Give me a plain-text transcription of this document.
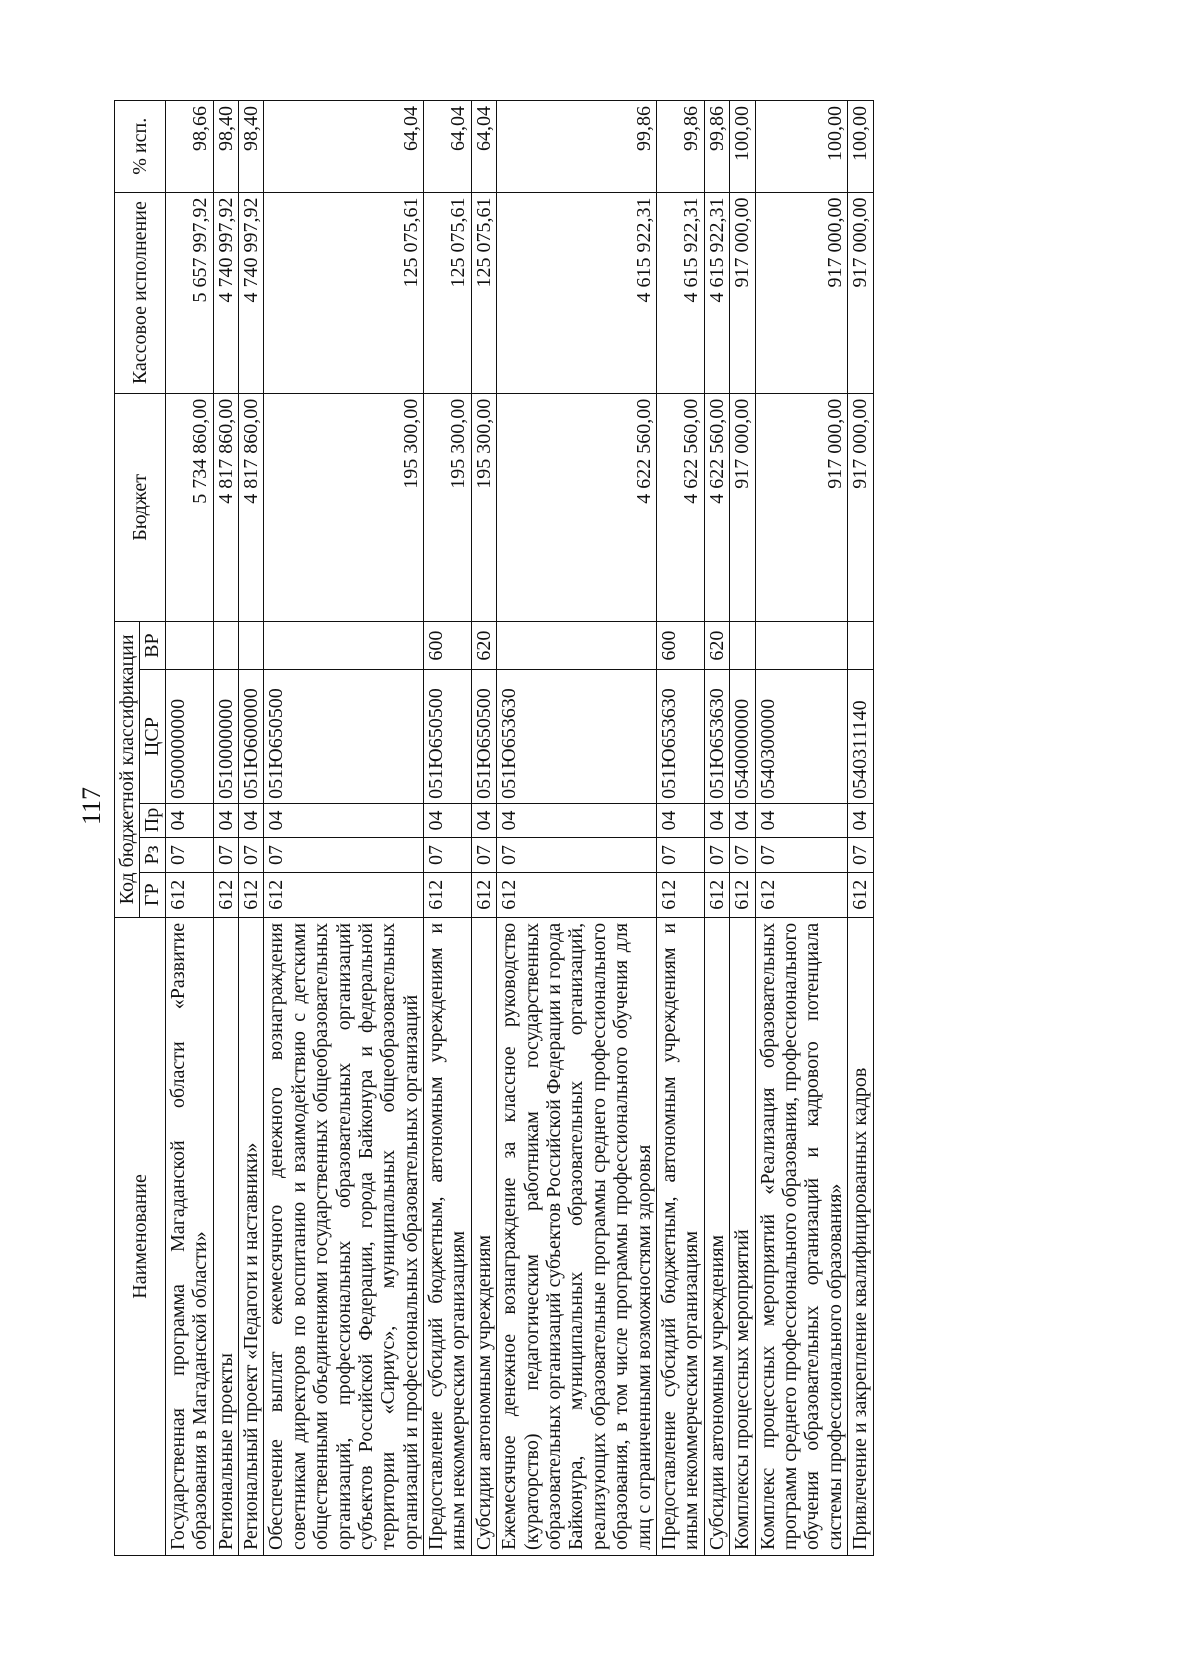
117
Наименование	Код бюджетной классификации					Бюджет	Кассовое исполнение	% исп.
	ГР	Рз	Пр	ЦСР	ВР			
Государственная программа Магаданской области «Развитие образования в Магаданской области»	612	07	04	0500000000		5 734 860,00	5 657 997,92	98,66
Региональные проекты	612	07	04	0510000000		4 817 860,00	4 740 997,92	98,40
Региональный проект «Педагоги и наставники»	612	07	04	051Ю600000		4 817 860,00	4 740 997,92	98,40
Обеспечение выплат ежемесячного денежного вознаграждения советникам директоров по воспитанию и взаимодействию с детскими общественными объединениями государственных общеобразовательных организаций, профессиональных образовательных организаций субъектов Российской Федерации, города Байконура и федеральной территории «Сириус», муниципальных общеобразовательных организаций и профессиональных образовательных организаций	612	07	04	051Ю650500		195 300,00	125 075,61	64,04
Предоставление субсидий бюджетным, автономным учреждениям и иным некоммерческим организациям	612	07	04	051Ю650500	600	195 300,00	125 075,61	64,04
Субсидии автономным учреждениям	612	07	04	051Ю650500	620	195 300,00	125 075,61	64,04
Ежемесячное денежное вознаграждение за классное руководство (кураторство) педагогическим работникам государственных образовательных организаций субъектов Российской Федерации и города Байконура, муниципальных образовательных организаций, реализующих образовательные программы среднего профессионального образования, в том числе программы профессионального обучения для лиц с ограниченными возможностями здоровья	612	07	04	051Ю653630		4 622 560,00	4 615 922,31	99,86
Предоставление субсидий бюджетным, автономным учреждениям и иным некоммерческим организациям	612	07	04	051Ю653630	600	4 622 560,00	4 615 922,31	99,86
Субсидии автономным учреждениям	612	07	04	051Ю653630	620	4 622 560,00	4 615 922,31	99,86
Комплексы процессных мероприятий	612	07	04	0540000000		917 000,00	917 000,00	100,00
Комплекс процессных мероприятий «Реализация образовательных программ среднего профессионального образования, профессионального обучения образовательных организаций и кадрового потенциала системы профессионального образования»	612	07	04	0540300000		917 000,00	917 000,00	100,00
Привлечение и закрепление квалифицированных кадров	612	07	04	0540311140		917 000,00	917 000,00	100,00
